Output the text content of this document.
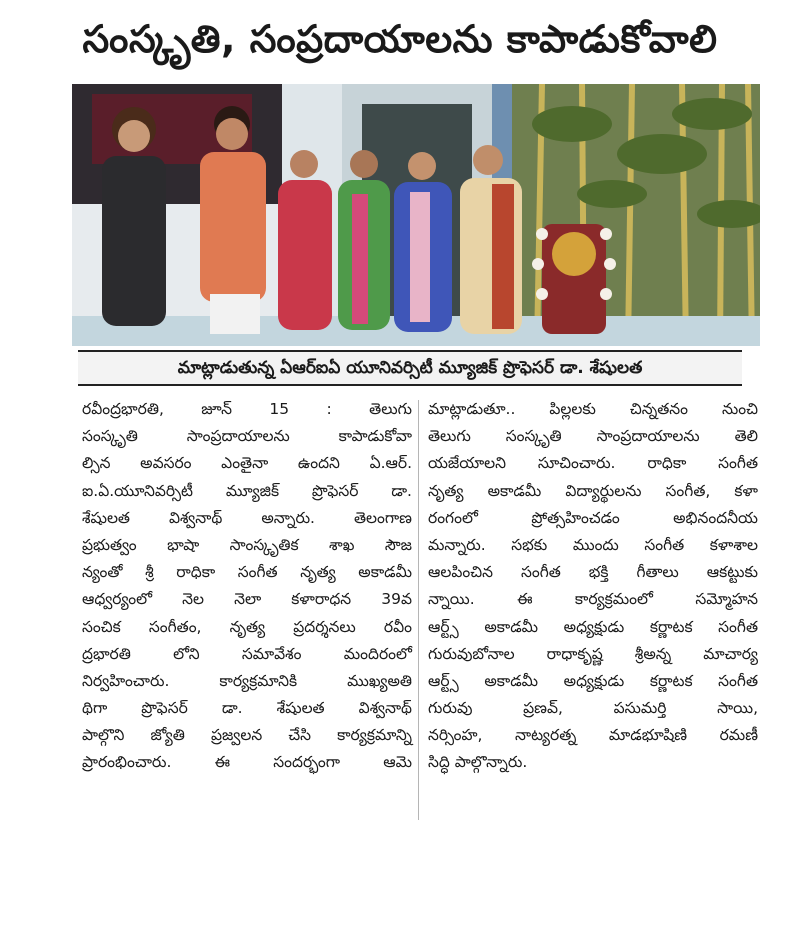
సంస్కృతి, సంప్రదాయాలను కాపాడుకోవాలి
మాట్లాడుతున్న ఏఆర్ఐఏ యూనివర్సిటీ మ్యూజిక్ ప్రొఫెసర్ డా. శేషులత
రవీంద్రభారతి, జూన్ 15 : తెలుగు
సంస్కృతి సాంప్రదాయాలను కాపాడుకోవా
ల్సిన అవసరం ఎంతైనా ఉందని ఏ.ఆర్.
ఐ.ఏ.యూనివర్సిటీ మ్యూజిక్ ప్రొఫెసర్ డా.
శేషులత విశ్వనాథ్ అన్నారు. తెలంగాణ
ప్రభుత్వం భాషా సాంస్కృతిక శాఖ సౌజ
న్యంతో శ్రీ రాధికా సంగీత నృత్య అకాడమీ
ఆధ్వర్యంలో నెల నెలా కళారాధన 39వ
సంచిక సంగీతం, నృత్య ప్రదర్శనలు రవీం
ద్రభారతి లోని సమావేశం మందిరంలో
నిర్వహించారు. కార్యక్రమానికి ముఖ్యఅతి
థిగా ప్రొఫెసర్ డా. శేషులత విశ్వనాథ్
పాల్గొని జ్యోతి ప్రజ్వలన చేసి కార్యక్రమాన్ని
ప్రారంభించారు. ఈ సందర్భంగా ఆమె
మాట్లాడుతూ.. పిల్లలకు చిన్నతనం నుంచి
తెలుగు సంస్కృతి సాంప్రదాయాలను తెలి
యజేయాలని సూచించారు. రాధికా సంగీత
నృత్య అకాడమీ విద్యార్థులను సంగీత, కళా
రంగంలో ప్రోత్సహించడం అభినందనీయ
మన్నారు. సభకు ముందు సంగీత కళాశాల
ఆలపించిన సంగీత భక్తి గీతాలు ఆకట్టుకు
న్నాయి. ఈ కార్యక్రమంలో సమ్మోహన
ఆర్ట్స్ అకాడమీ అధ్యక్షుడు కర్ణాటక సంగీత
గురువుబోనాల రాధాకృష్ణ శ్రీఅన్న మాచార్య
ఆర్ట్స్ అకాడమీ అధ్యక్షుడు కర్ణాటక సంగీత
గురువు ప్రణవ్, పసుమర్తి సాయి,
నర్సింహ, నాట్యరత్న మాడభూషిణి రమణీ
సిద్ధి పాల్గొన్నారు.
